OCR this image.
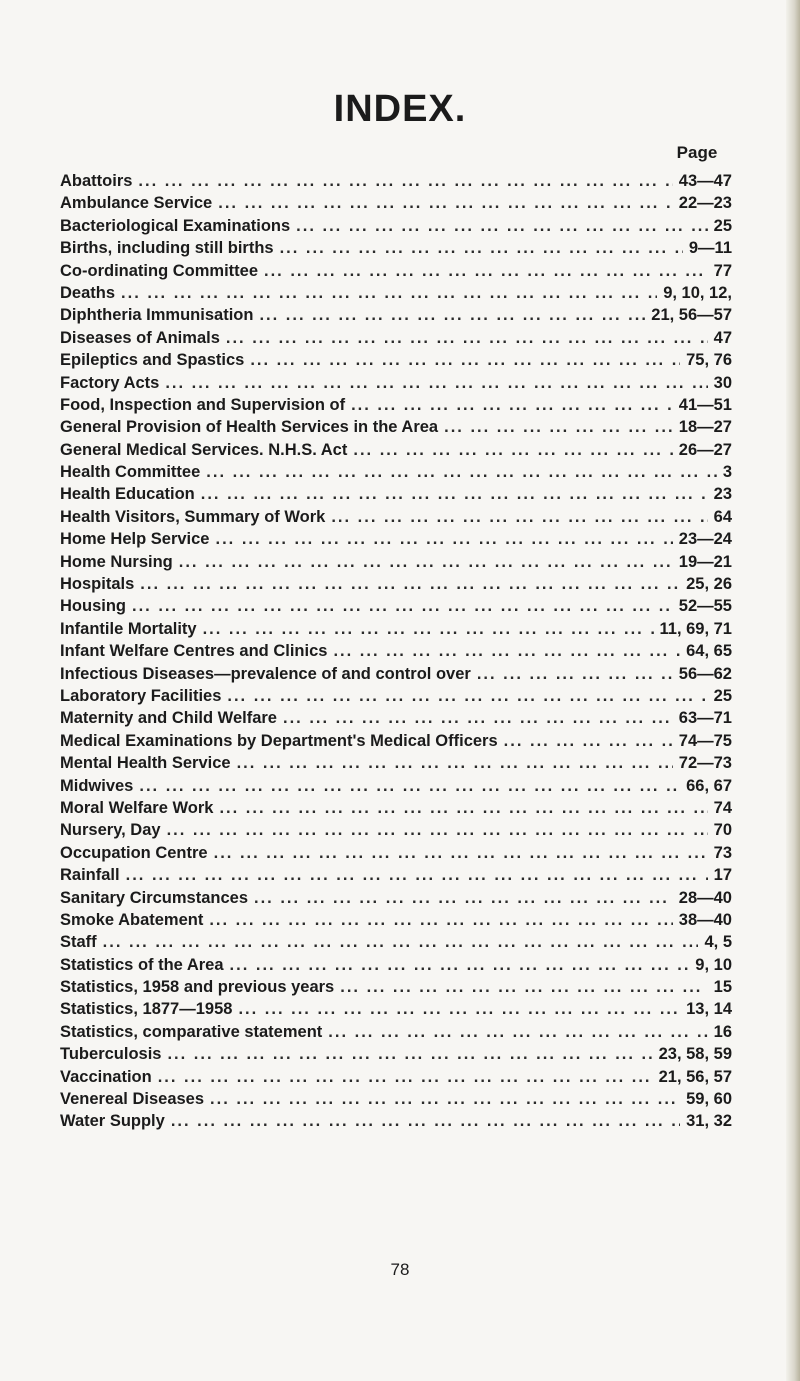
INDEX.
Page
Abattoirs ... .	43—47
Ambulance Service ... .	22—23
Bacteriological Examinations ... .	25
Births, including still births ... .	9—11
Co-ordinating Committee ... .	77
Deaths ... .	9, 10, 12,
Diphtheria Immunisation ... .	21, 56—57
Diseases of Animals ... .	47
Epileptics and Spastics ... .	75, 76
Factory Acts ... .	30
Food, Inspection and Supervision of ... .	41—51
General Provision of Health Services in the Area ... .	18—27
General Medical Services. N.H.S. Act ... .	26—27
Health Committee ... .	3
Health Education ... .	23
Health Visitors, Summary of Work ... .	64
Home Help Service ... .	23—24
Home Nursing ... .	19—21
Hospitals ... .	25, 26
Housing ... .	52—55
Infantile Mortality ... .	11, 69, 71
Infant Welfare Centres and Clinics ... .	64, 65
Infectious Diseases—prevalence of and control over ... .	56—62
Laboratory Facilities ... .	25
Maternity and Child Welfare ... .	63—71
Medical Examinations by Department's Medical Officers ... .	74—75
Mental Health Service ... .	72—73
Midwives ... .	66, 67
Moral Welfare Work ... .	74
Nursery, Day ... .	70
Occupation Centre ... .	73
Rainfall ... .	17
Sanitary Circumstances ... .	28—40
Smoke Abatement ... .	38—40
Staff ... .	4, 5
Statistics of the Area ... .	9, 10
Statistics, 1958 and previous years ... .	15
Statistics, 1877—1958 ... .	13, 14
Statistics, comparative statement ... .	16
Tuberculosis ... .	23, 58, 59
Vaccination ... .	21, 56, 57
Venereal Diseases ... .	59, 60
Water Supply ... .	31, 32
78
